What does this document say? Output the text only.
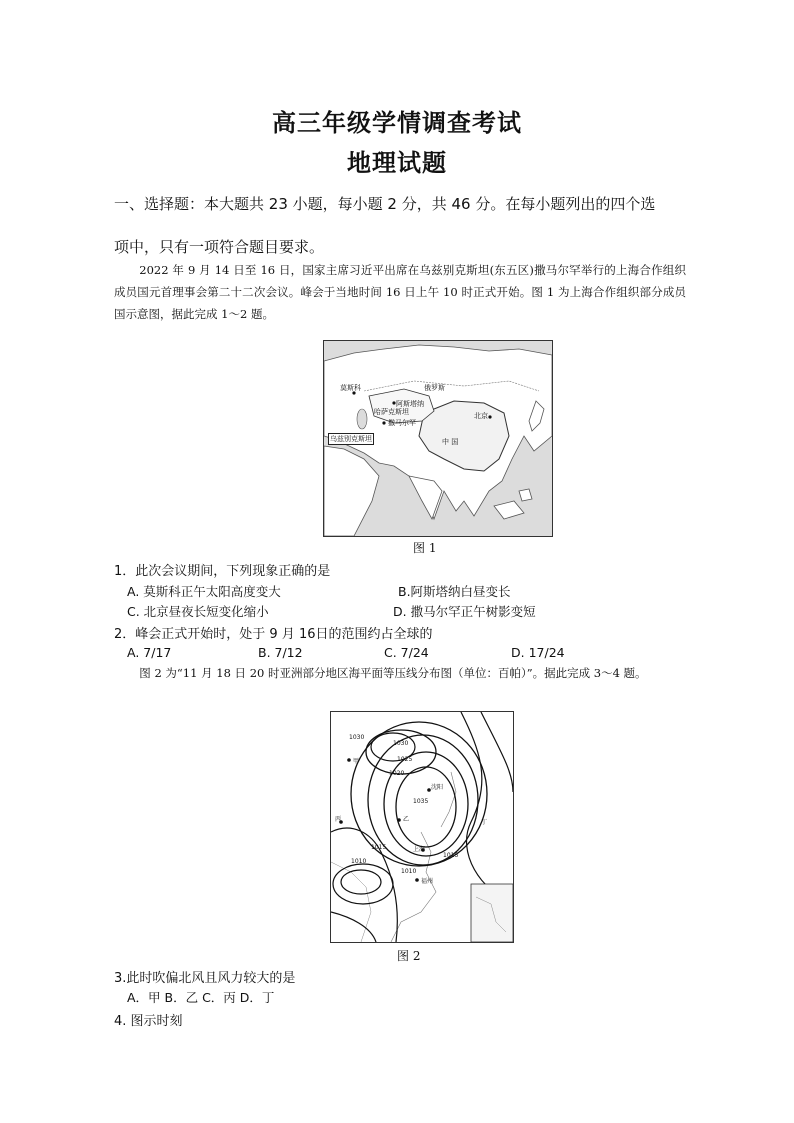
高三年级学情调查考试
地理试题
一、选择题：本大题共 23 小题，每小题 2 分，共 46 分。在每小题列出的四个选
项中，只有一项符合题目要求。
2022 年 9 月 14 日至 16 日，国家主席习近平出席在乌兹别克斯坦(东五区)撒马尔罕举行的上海合作组织成员国元首理事会第二十二次会议。峰会于当地时间 16 日上午 10 时正式开始。图 1 为上海合作组织部分成员国示意图，据此完成 1～2 题。
莫斯科	俄罗斯
阿斯塔纳
哈萨克斯坦
撒马尔罕
北京
乌兹别克斯坦	中 国
图 1
1．此次会议期间，下列现象正确的是
A. 莫斯科正午太阳高度变大	B.阿斯塔纳白昼变长
C. 北京昼夜长短变化缩小	D. 撒马尔罕正午树影变短
2．峰会正式开始时，处于 9 月 16日的范围约占全球的
A. 7/17	B. 7/12	C. 7/24	D. 17/24
图 2 为“11 月 18 日 20 时亚洲部分地区海平面等压线分布图（单位：百帕）”。据此完成 3～4 题。
1030
1025
1020
1035
1010
1015
1010
1030
1015
甲
沈阳
丙	乙
上海
福州
丁
图 2
3.此时吹偏北风且风力较大的是
A．甲 B．乙 C．丙 D．丁
4. 图示时刻
